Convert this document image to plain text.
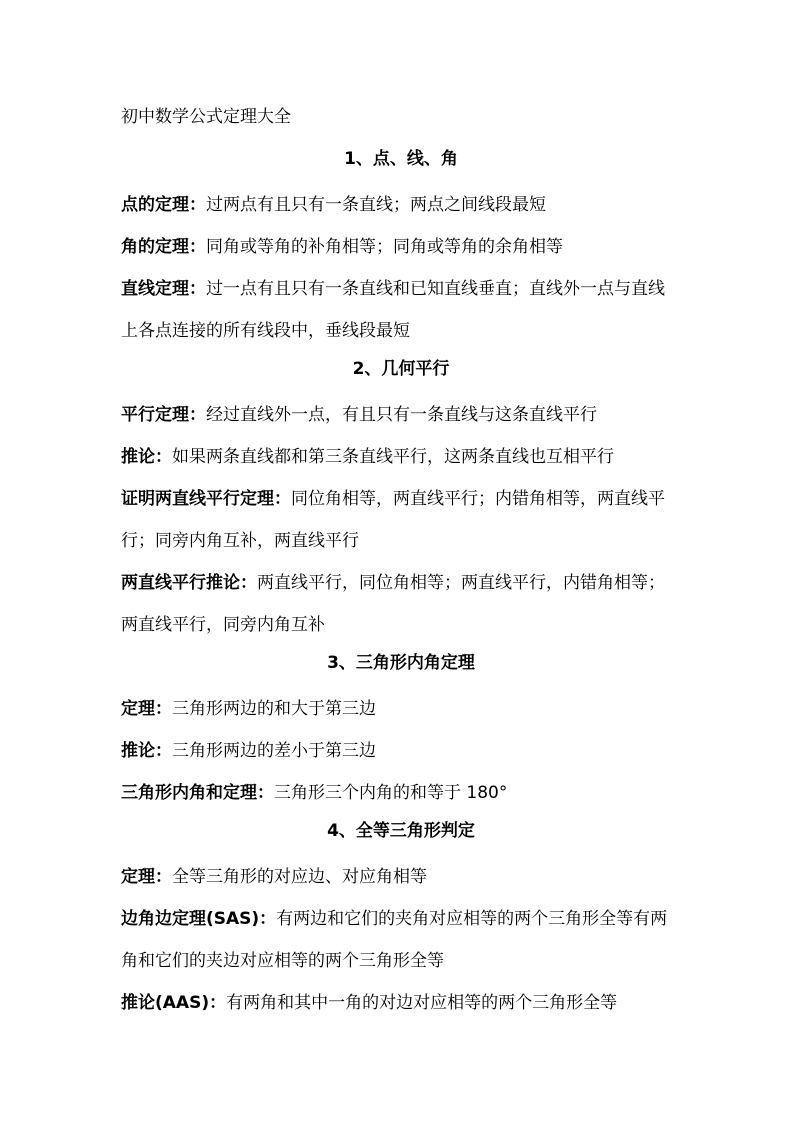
初中数学公式定理大全
1、点、线、角

点的定理：过两点有且只有一条直线；两点之间线段最短

角的定理：同角或等角的补角相等；同角或等角的余角相等

直线定理：过一点有且只有一条直线和已知直线垂直；直线外一点与直线上各点连接的所有线段中，垂线段最短

2、几何平行

平行定理：经过直线外一点，有且只有一条直线与这条直线平行

推论：如果两条直线都和第三条直线平行，这两条直线也互相平行

证明两直线平行定理：同位角相等，两直线平行；内错角相等，两直线平行；同旁内角互补，两直线平行

两直线平行推论：两直线平行，同位角相等；两直线平行，内错角相等；两直线平行，同旁内角互补

3、三角形内角定理

定理：三角形两边的和大于第三边

推论：三角形两边的差小于第三边

三角形内角和定理：三角形三个内角的和等于 180°

4、全等三角形判定

定理：全等三角形的对应边、对应角相等

边角边定理(SAS)：有两边和它们的夹角对应相等的两个三角形全等有两角和它们的夹边对应相等的两个三角形全等

推论(AAS)：有两角和其中一角的对边对应相等的两个三角形全等
